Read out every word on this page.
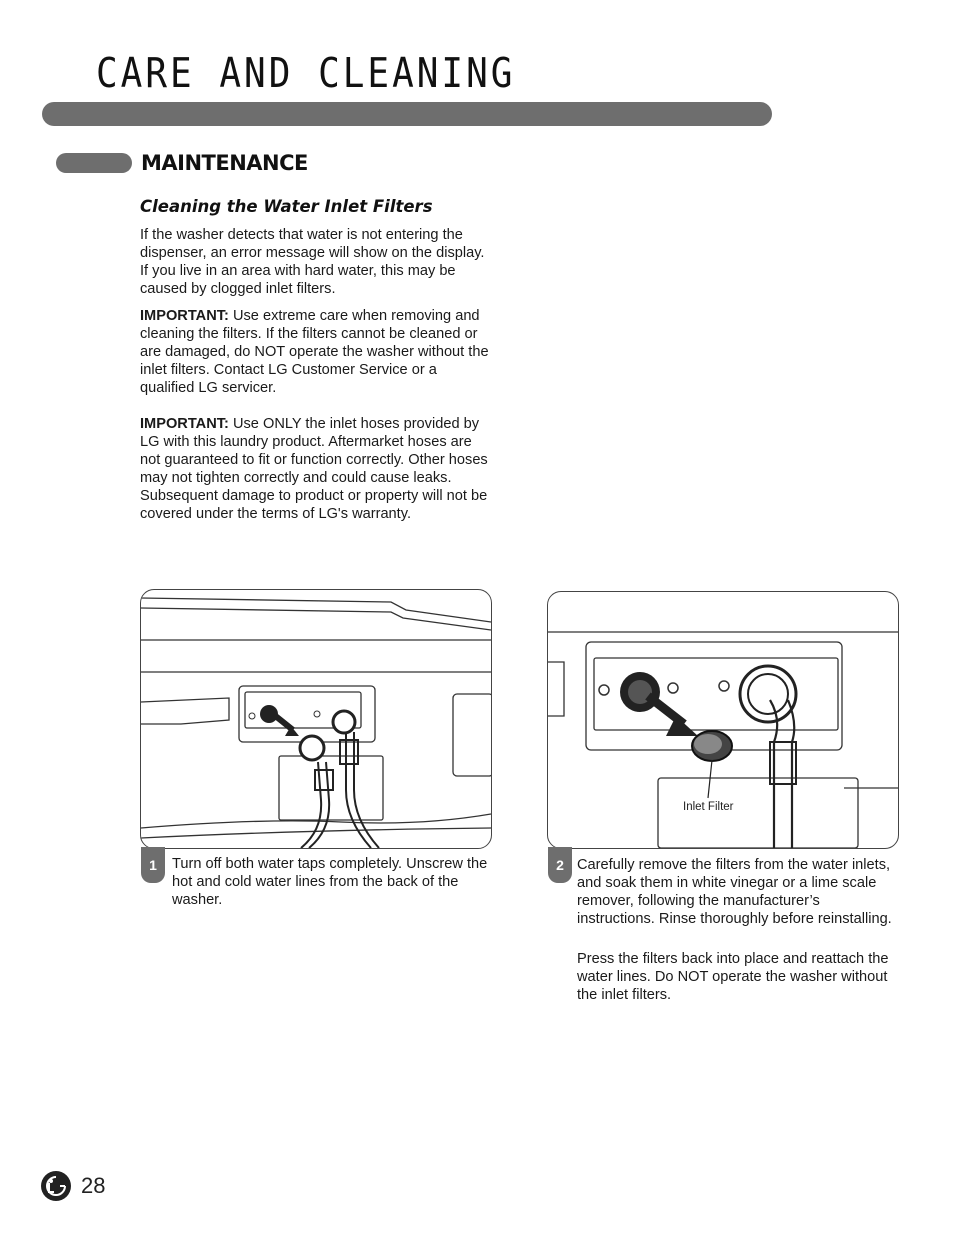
CARE AND CLEANING
MAINTENANCE
Cleaning the Water Inlet Filters

If the washer detects that water is not entering the dispenser, an error message will show on the display. If you live in an area with hard water, this may be caused by clogged inlet filters.

IMPORTANT: Use extreme care when removing and cleaning the filters. If the filters cannot be cleaned or are damaged, do NOT operate the washer without the inlet filters. Contact LG Customer Service or a qualified LG servicer.

IMPORTANT: Use ONLY the inlet hoses provided by LG with this laundry product. Aftermarket hoses are not guaranteed to fit or function correctly. Other hoses may not tighten correctly and could cause leaks. Subsequent damage to product or property will not be covered under the terms of LG's warranty.

1	Turn off both water taps completely. Unscrew the hot and cold water lines from the back of the washer.

Inlet Filter
2 Carefully remove the filters from the water inlets, and soak them in white vinegar or a lime scale remover, following the manufacturer’s instructions. Rinse thoroughly before reinstalling.

Press the filters back into place and reattach the water lines. Do NOT operate the washer without the inlet filters.

28
